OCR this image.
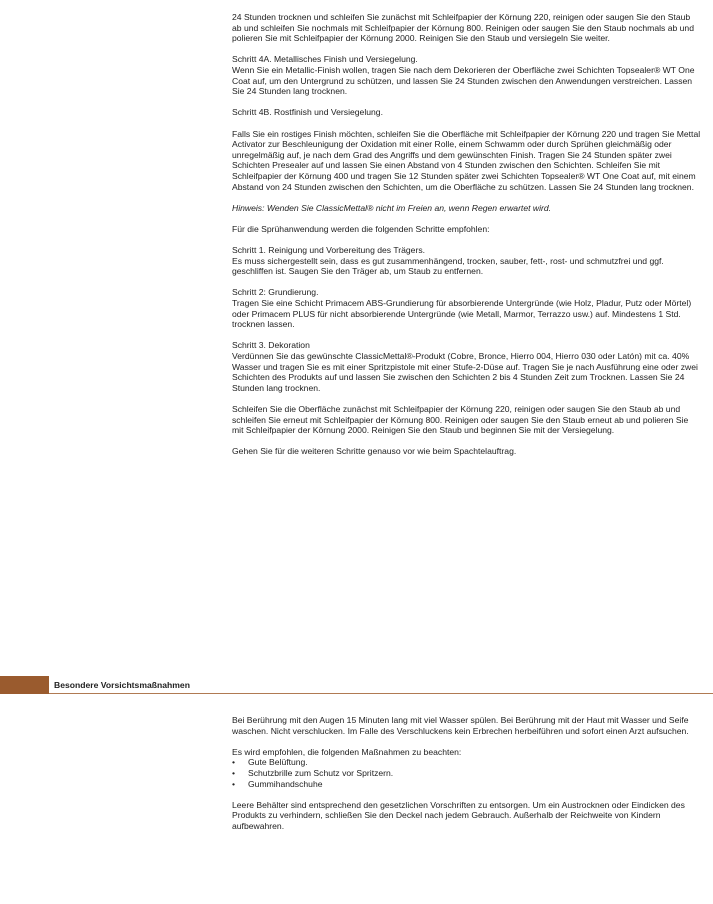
24 Stunden trocknen und schleifen Sie zunächst mit Schleifpapier der Körnung 220, reinigen oder saugen Sie den Staub ab und schleifen Sie nochmals mit Schleifpapier der Körnung 800. Reinigen oder saugen Sie den Staub nochmals ab und polieren Sie mit Schleifpapier der Körnung 2000. Reinigen Sie den Staub und versiegeln Sie weiter.

Schritt 4A. Metallisches Finish und Versiegelung.
Wenn Sie ein Metallic-Finish wollen, tragen Sie nach dem Dekorieren der Oberfläche zwei Schichten Topsealer® WT One Coat auf, um den Untergrund zu schützen, und lassen Sie 24 Stunden zwischen den Anwendungen verstreichen. Lassen Sie 24 Stunden lang trocknen.

Schritt 4B. Rostfinish und Versiegelung.

Falls Sie ein rostiges Finish möchten, schleifen Sie die Oberfläche mit Schleifpapier der Körnung 220 und tragen Sie Mettal Activator zur Beschleunigung der Oxidation mit einer Rolle, einem Schwamm oder durch Sprühen gleichmäßig oder unregelmäßig auf, je nach dem Grad des Angriffs und dem gewünschten Finish. Tragen Sie 24 Stunden später zwei Schichten Presealer auf und lassen Sie einen Abstand von 4 Stunden zwischen den Schichten. Schleifen Sie mit Schleifpapier der Körnung 400 und tragen Sie 12 Stunden später zwei Schichten Topsealer® WT One Coat auf, mit einem Abstand von 24 Stunden zwischen den Schichten, um die Oberfläche zu schützen. Lassen Sie 24 Stunden lang trocknen.

Hinweis: Wenden Sie ClassicMettal® nicht im Freien an, wenn Regen erwartet wird.

Für die Sprühanwendung werden die folgenden Schritte empfohlen:

Schritt 1. Reinigung und Vorbereitung des Trägers.
Es muss sichergestellt sein, dass es gut zusammenhängend, trocken, sauber, fett-, rost- und schmutzfrei und ggf. geschliffen ist. Saugen Sie den Träger ab, um Staub zu entfernen.

Schritt 2: Grundierung.
Tragen Sie eine Schicht Primacem ABS-Grundierung für absorbierende Untergründe (wie Holz, Pladur, Putz oder Mörtel) oder Primacem PLUS für nicht absorbierende Untergründe (wie Metall, Marmor, Terrazzo usw.) auf. Mindestens 1 Std. trocknen lassen.

Schritt 3. Dekoration
Verdünnen Sie das gewünschte ClassicMettal®-Produkt (Cobre, Bronce, Hierro 004, Hierro 030 oder Latón) mit ca. 40% Wasser und tragen Sie es mit einer Spritzpistole mit einer Stufe-2-Düse auf. Tragen Sie je nach Ausführung eine oder zwei Schichten des Produkts auf und lassen Sie zwischen den Schichten 2 bis 4 Stunden Zeit zum Trocknen. Lassen Sie 24 Stunden lang trocknen.

Schleifen Sie die Oberfläche zunächst mit Schleifpapier der Körnung 220, reinigen oder saugen Sie den Staub ab und schleifen Sie erneut mit Schleifpapier der Körnung 800. Reinigen oder saugen Sie den Staub erneut ab und polieren Sie mit Schleifpapier der Körnung 2000. Reinigen Sie den Staub und beginnen Sie mit der Versiegelung.

Gehen Sie für die weiteren Schritte genauso vor wie beim Spachtelauftrag.

Besondere Vorsichtsmaßnahmen

Bei Berührung mit den Augen 15 Minuten lang mit viel Wasser spülen. Bei Berührung mit der Haut mit Wasser und Seife waschen. Nicht verschlucken. Im Falle des Verschluckens kein Erbrechen herbeiführen und sofort einen Arzt aufsuchen.

Es wird empfohlen, die folgenden Maßnahmen zu beachten:

• Gute Belüftung.
• Schutzbrille zum Schutz vor Spritzern.
• Gummihandschuhe

Leere Behälter sind entsprechend den gesetzlichen Vorschriften zu entsorgen. Um ein Austrocknen oder Eindicken des Produkts zu verhindern, schließen Sie den Deckel nach jedem Gebrauch. Außerhalb der Reichweite von Kindern aufbewahren.
